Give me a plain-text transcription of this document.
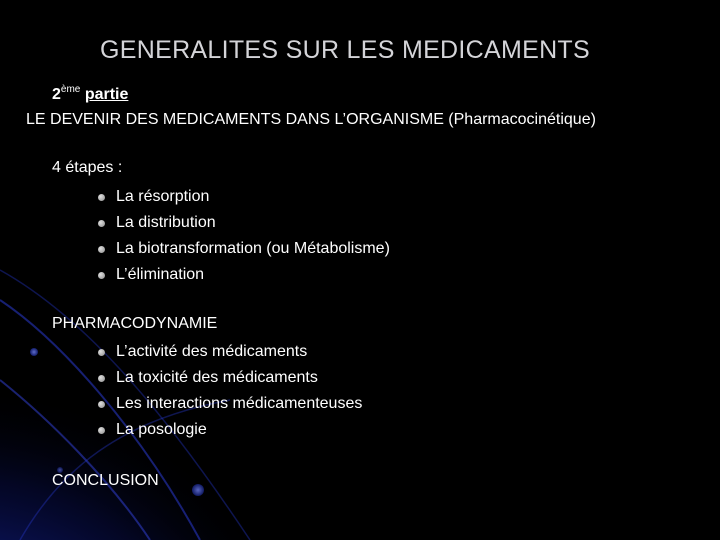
GENERALITES SUR LES MEDICAMENTS
2ème partie
LE DEVENIR DES MEDICAMENTS DANS L’ORGANISME (Pharmacocinétique)
4 étapes :
La résorption
La distribution
La biotransformation (ou Métabolisme)
L’élimination
PHARMACODYNAMIE
L’activité des médicaments
La toxicité des médicaments
Les interactions médicamenteuses
La posologie
CONCLUSION
